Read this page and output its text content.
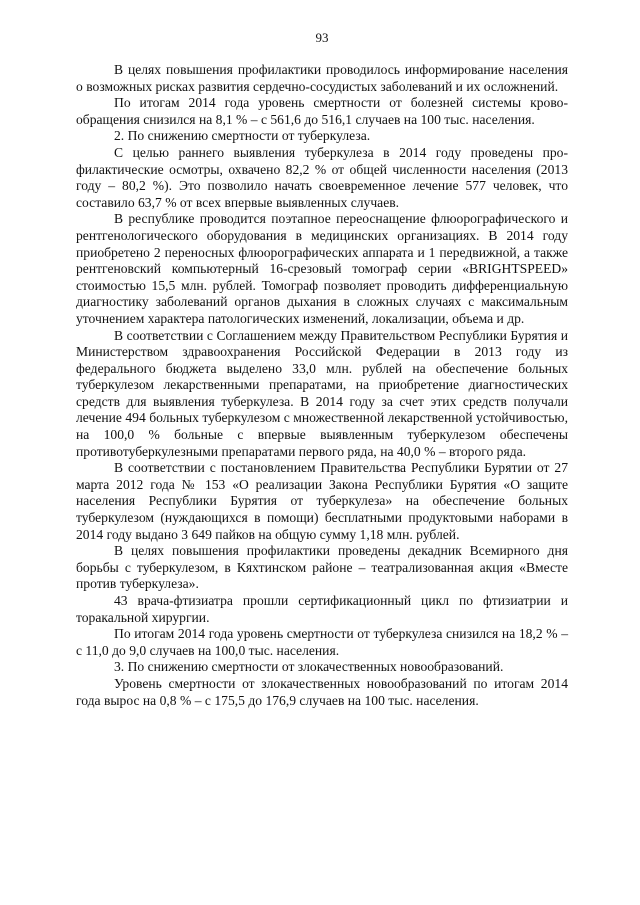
93

В целях повышения профилактики проводилось информирование населения о возможных рисках развития сердечно-сосудистых заболеваний и их осложнений.

По итогам 2014 года уровень смертности от болезней системы кровообращения снизился на 8,1 % – с 561,6 до 516,1 случаев на 100 тыс. населения.

2. По снижению смертности от туберкулеза.

С целью раннего выявления туберкулеза в 2014 году проведены профилактические осмотры, охвачено 82,2 % от общей численности населения (2013 году – 80,2 %). Это позволило начать своевременное лечение 577 человек, что составило 63,7 % от всех впервые выявленных случаев.

В республике проводится поэтапное переоснащение флюорографического и рентгенологического оборудования в медицинских организациях. В 2014 году приобретено 2 переносных флюорографических аппарата и 1 передвижной, а также рентгеновский компьютерный 16-срезовый томограф серии «BRIGHTSPEED» стоимостью 15,5 млн. рублей. Томограф позволяет проводить дифференциальную диагностику заболеваний органов дыхания в сложных случаях с максимальным уточнением характера патологических изменений, локализации, объема и др.

В соответствии с Соглашением между Правительством Республики Бурятия и Министерством здравоохранения Российской Федерации в 2013 году из федерального бюджета выделено 33,0 млн. рублей на обеспечение больных туберкулезом лекарственными препаратами, на приобретение диагностических средств для выявления туберкулеза. В 2014 году за счет этих средств получали лечение 494 больных туберкулезом с множественной лекарственной устойчивостью, на 100,0 % больные с впервые выявленным туберкулезом обеспечены противотуберкулезными препаратами первого ряда, на 40,0 % – второго ряда.

В соответствии с постановлением Правительства Республики Бурятии от 27 марта 2012 года № 153 «О реализации Закона Республики Бурятия «О защите населения Республики Бурятия от туберкулеза» на обеспечение больных туберкулезом (нуждающихся в помощи) бесплатными продуктовыми наборами в 2014 году выдано 3 649 пайков на общую сумму 1,18 млн. рублей.

В целях повышения профилактики проведены декадник Всемирного дня борьбы с туберкулезом, в Кяхтинском районе – театрализованная акция «Вместе против туберкулеза».

43 врача-фтизиатра прошли сертификационный цикл по фтизиатрии и торакальной хирургии.

По итогам 2014 года уровень смертности от туберкулеза снизился на 18,2 % – с 11,0 до 9,0 случаев на 100,0 тыс. населения.

3. По снижению смертности от злокачественных новообразований.

Уровень смертности от злокачественных новообразований по итогам 2014 года вырос на 0,8 % – с 175,5 до 176,9 случаев на 100 тыс. населения.
